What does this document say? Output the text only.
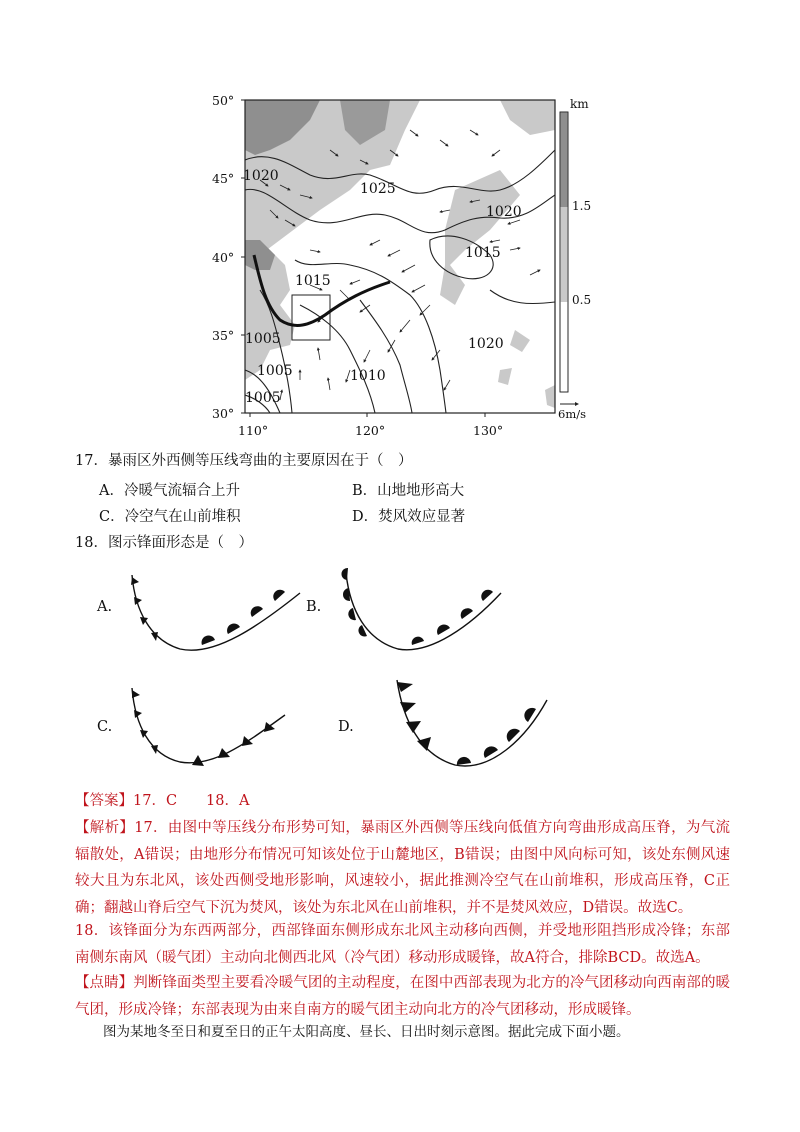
50°
45°
40°
35°
30°
110°	120°	130°
1020
1025
1020
1015
1015
1005	1020
1005	1010
1005
km
1.5
0.5
6m/s
17．暴雨区外西侧等压线弯曲的主要原因在于（　）
A．冷暖气流辐合上升	B．山地地形高大
C．冷空气在山前堆积	D．焚风效应显著
18．图示锋面形态是（　）
A.	B.
C.	D.
【答案】17．C　　18．A
【解析】17．由图中等压线分布形势可知，暴雨区外西侧等压线向低值方向弯曲形成高压脊，为气流辐散处，A错误；由地形分布情况可知该处位于山麓地区，B错误；由图中风向标可知，该处东侧风速较大且为东北风，该处西侧受地形影响，风速较小，据此推测冷空气在山前堆积，形成高压脊，C正确；翻越山脊后空气下沉为焚风，该处为东北风在山前堆积，并不是焚风效应，D错误。故选C。
18．该锋面分为东西两部分，西部锋面东侧形成东北风主动移向西侧，并受地形阻挡形成冷锋；东部南侧东南风（暖气团）主动向北侧西北风（冷气团）移动形成暖锋，故A符合，排除BCD。故选A。
【点睛】判断锋面类型主要看冷暖气团的主动程度，在图中西部表现为北方的冷气团移动向西南部的暖气团，形成冷锋；东部表现为由来自南方的暖气团主动向北方的冷气团移动，形成暖锋。
图为某地冬至日和夏至日的正午太阳高度、昼长、日出时刻示意图。据此完成下面小题。
